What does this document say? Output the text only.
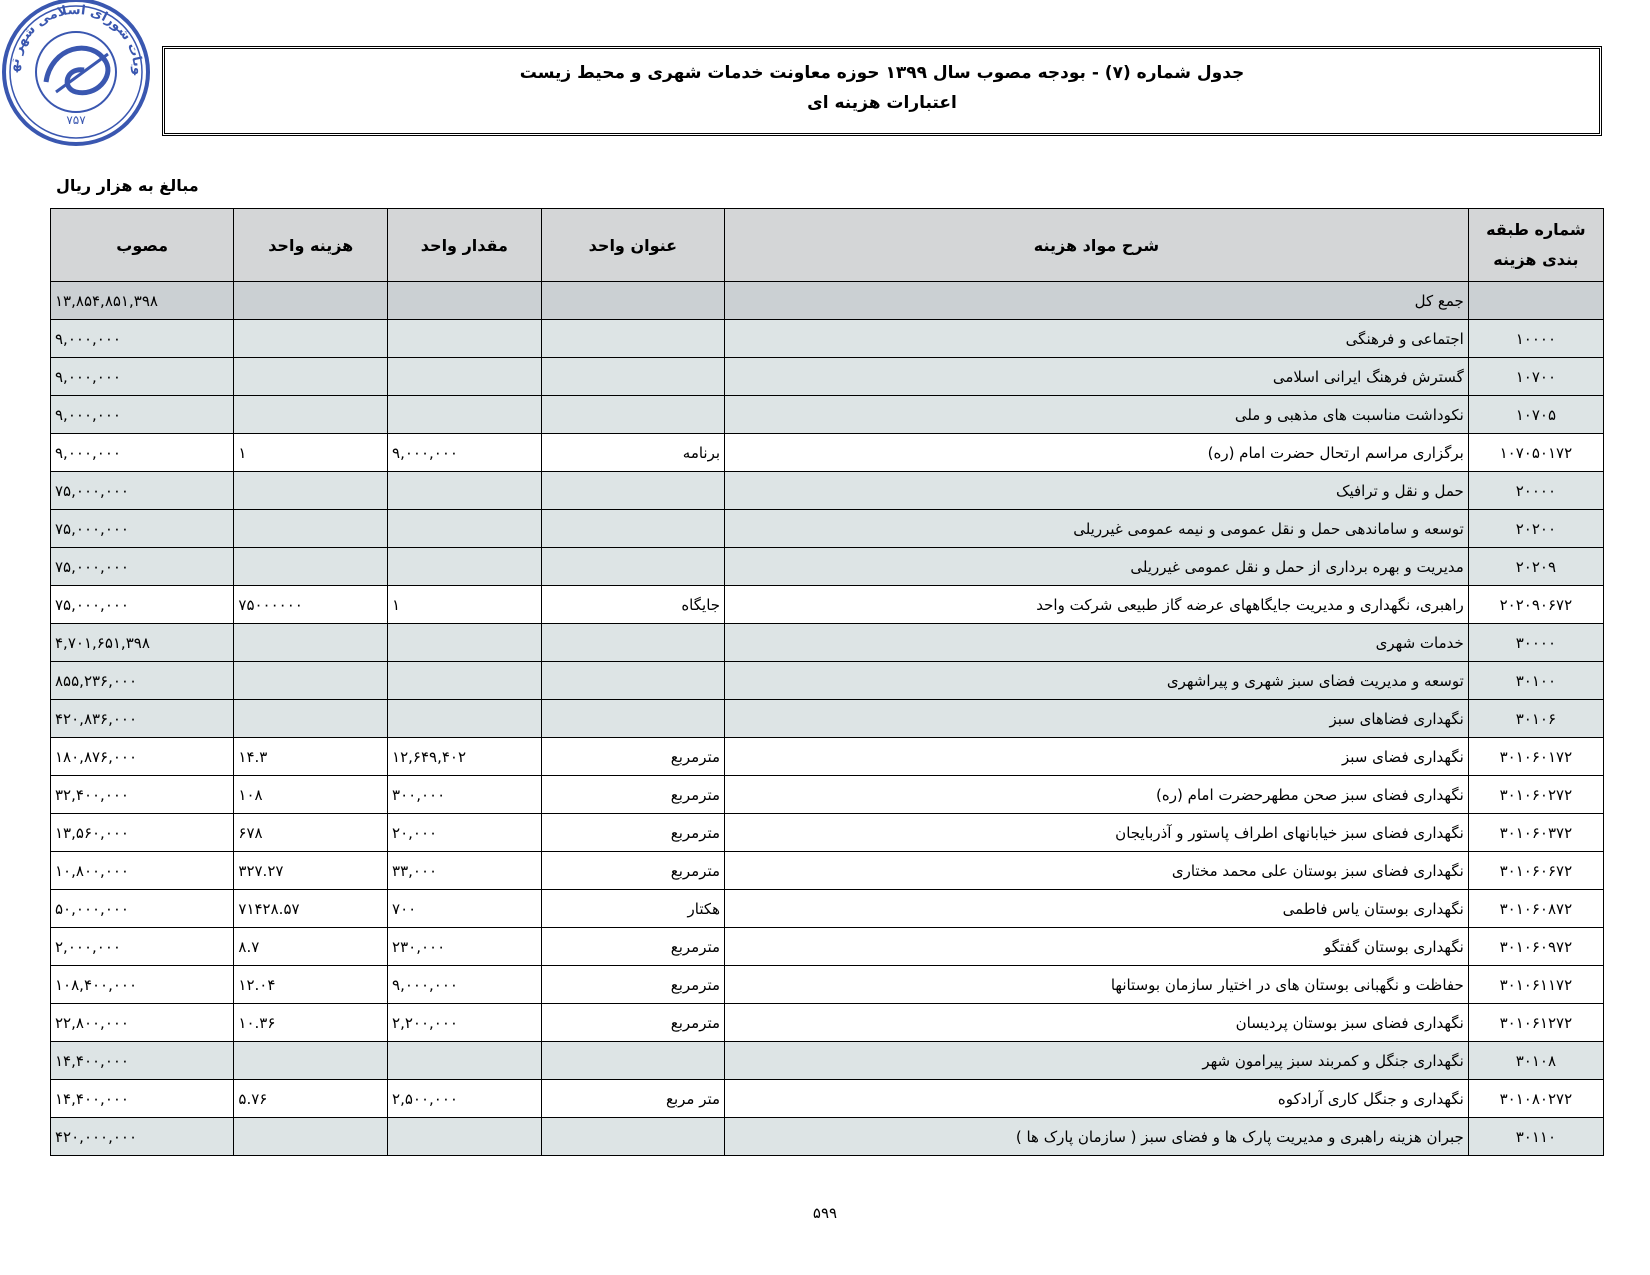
وبات شورای اسلامی شهر ته
۷۵۷
جدول شماره (۷) - بودجه مصوب سال ۱۳۹۹ حوزه معاونت خدمات شهری و محیط زیست
اعتبارات هزینه ای
مبالغ به هزار ریال
شماره طبقه بندی هزینه	شرح مواد هزینه	عنوان واحد	مقدار واحد	هزینه واحد	مصوب
	جمع کل				۱۳,۸۵۴,۸۵۱,۳۹۸
۱۰۰۰۰	اجتماعی و فرهنگی				۹,۰۰۰,۰۰۰
۱۰۷۰۰	گسترش فرهنگ ایرانی اسلامی				۹,۰۰۰,۰۰۰
۱۰۷۰۵	نکوداشت مناسبت های مذهبی و ملی				۹,۰۰۰,۰۰۰
۱۰۷۰۵۰۱۷۲	برگزاری مراسم ارتحال حضرت امام (ره)	برنامه	۹,۰۰۰,۰۰۰	۱	۹,۰۰۰,۰۰۰
۲۰۰۰۰	حمل و نقل و ترافیک				۷۵,۰۰۰,۰۰۰
۲۰۲۰۰	توسعه و ساماندهی حمل و نقل عمومی و نیمه عمومی غیرریلی				۷۵,۰۰۰,۰۰۰
۲۰۲۰۹	مدیریت و بهره برداری از حمل و نقل عمومی غیرریلی				۷۵,۰۰۰,۰۰۰
۲۰۲۰۹۰۶۷۲	راهبری، نگهداری و مدیریت جایگاههای عرضه گاز طبیعی شرکت واحد	جایگاه	۱	۷۵۰۰۰۰۰۰	۷۵,۰۰۰,۰۰۰
۳۰۰۰۰	خدمات شهری				۴,۷۰۱,۶۵۱,۳۹۸
۳۰۱۰۰	توسعه و مدیریت فضای سبز شهری و پیراشهری				۸۵۵,۲۳۶,۰۰۰
۳۰۱۰۶	نگهداری فضاهای سبز				۴۲۰,۸۳۶,۰۰۰
۳۰۱۰۶۰۱۷۲	نگهداری فضای سبز	مترمربع	۱۲,۶۴۹,۴۰۲	۱۴.۳	۱۸۰,۸۷۶,۰۰۰
۳۰۱۰۶۰۲۷۲	نگهداری فضای سبز صحن مطهرحضرت امام (ره)	مترمربع	۳۰۰,۰۰۰	۱۰۸	۳۲,۴۰۰,۰۰۰
۳۰۱۰۶۰۳۷۲	نگهداری فضای سبز خیابانهای اطراف پاستور و آذربایجان	مترمربع	۲۰,۰۰۰	۶۷۸	۱۳,۵۶۰,۰۰۰
۳۰۱۰۶۰۶۷۲	نگهداری فضای سبز بوستان علی محمد مختاری	مترمربع	۳۳,۰۰۰	۳۲۷.۲۷	۱۰,۸۰۰,۰۰۰
۳۰۱۰۶۰۸۷۲	نگهداری بوستان یاس فاطمی	هکتار	۷۰۰	۷۱۴۲۸.۵۷	۵۰,۰۰۰,۰۰۰
۳۰۱۰۶۰۹۷۲	نگهداری بوستان گفتگو	مترمربع	۲۳۰,۰۰۰	۸.۷	۲,۰۰۰,۰۰۰
۳۰۱۰۶۱۱۷۲	حفاظت و نگهبانی بوستان های در اختیار سازمان بوستانها	مترمربع	۹,۰۰۰,۰۰۰	۱۲.۰۴	۱۰۸,۴۰۰,۰۰۰
۳۰۱۰۶۱۲۷۲	نگهداری فضای سبز بوستان پردیسان	مترمربع	۲,۲۰۰,۰۰۰	۱۰.۳۶	۲۲,۸۰۰,۰۰۰
۳۰۱۰۸	نگهداری جنگل و کمربند سبز پیرامون شهر				۱۴,۴۰۰,۰۰۰
۳۰۱۰۸۰۲۷۲	نگهداری و جنگل کاری آرادکوه	متر مربع	۲,۵۰۰,۰۰۰	۵.۷۶	۱۴,۴۰۰,۰۰۰
۳۰۱۱۰	جبران هزینه راهبری و مدیریت پارک ها و فضای سبز ( سازمان پارک ها )				۴۲۰,۰۰۰,۰۰۰
۵۹۹
